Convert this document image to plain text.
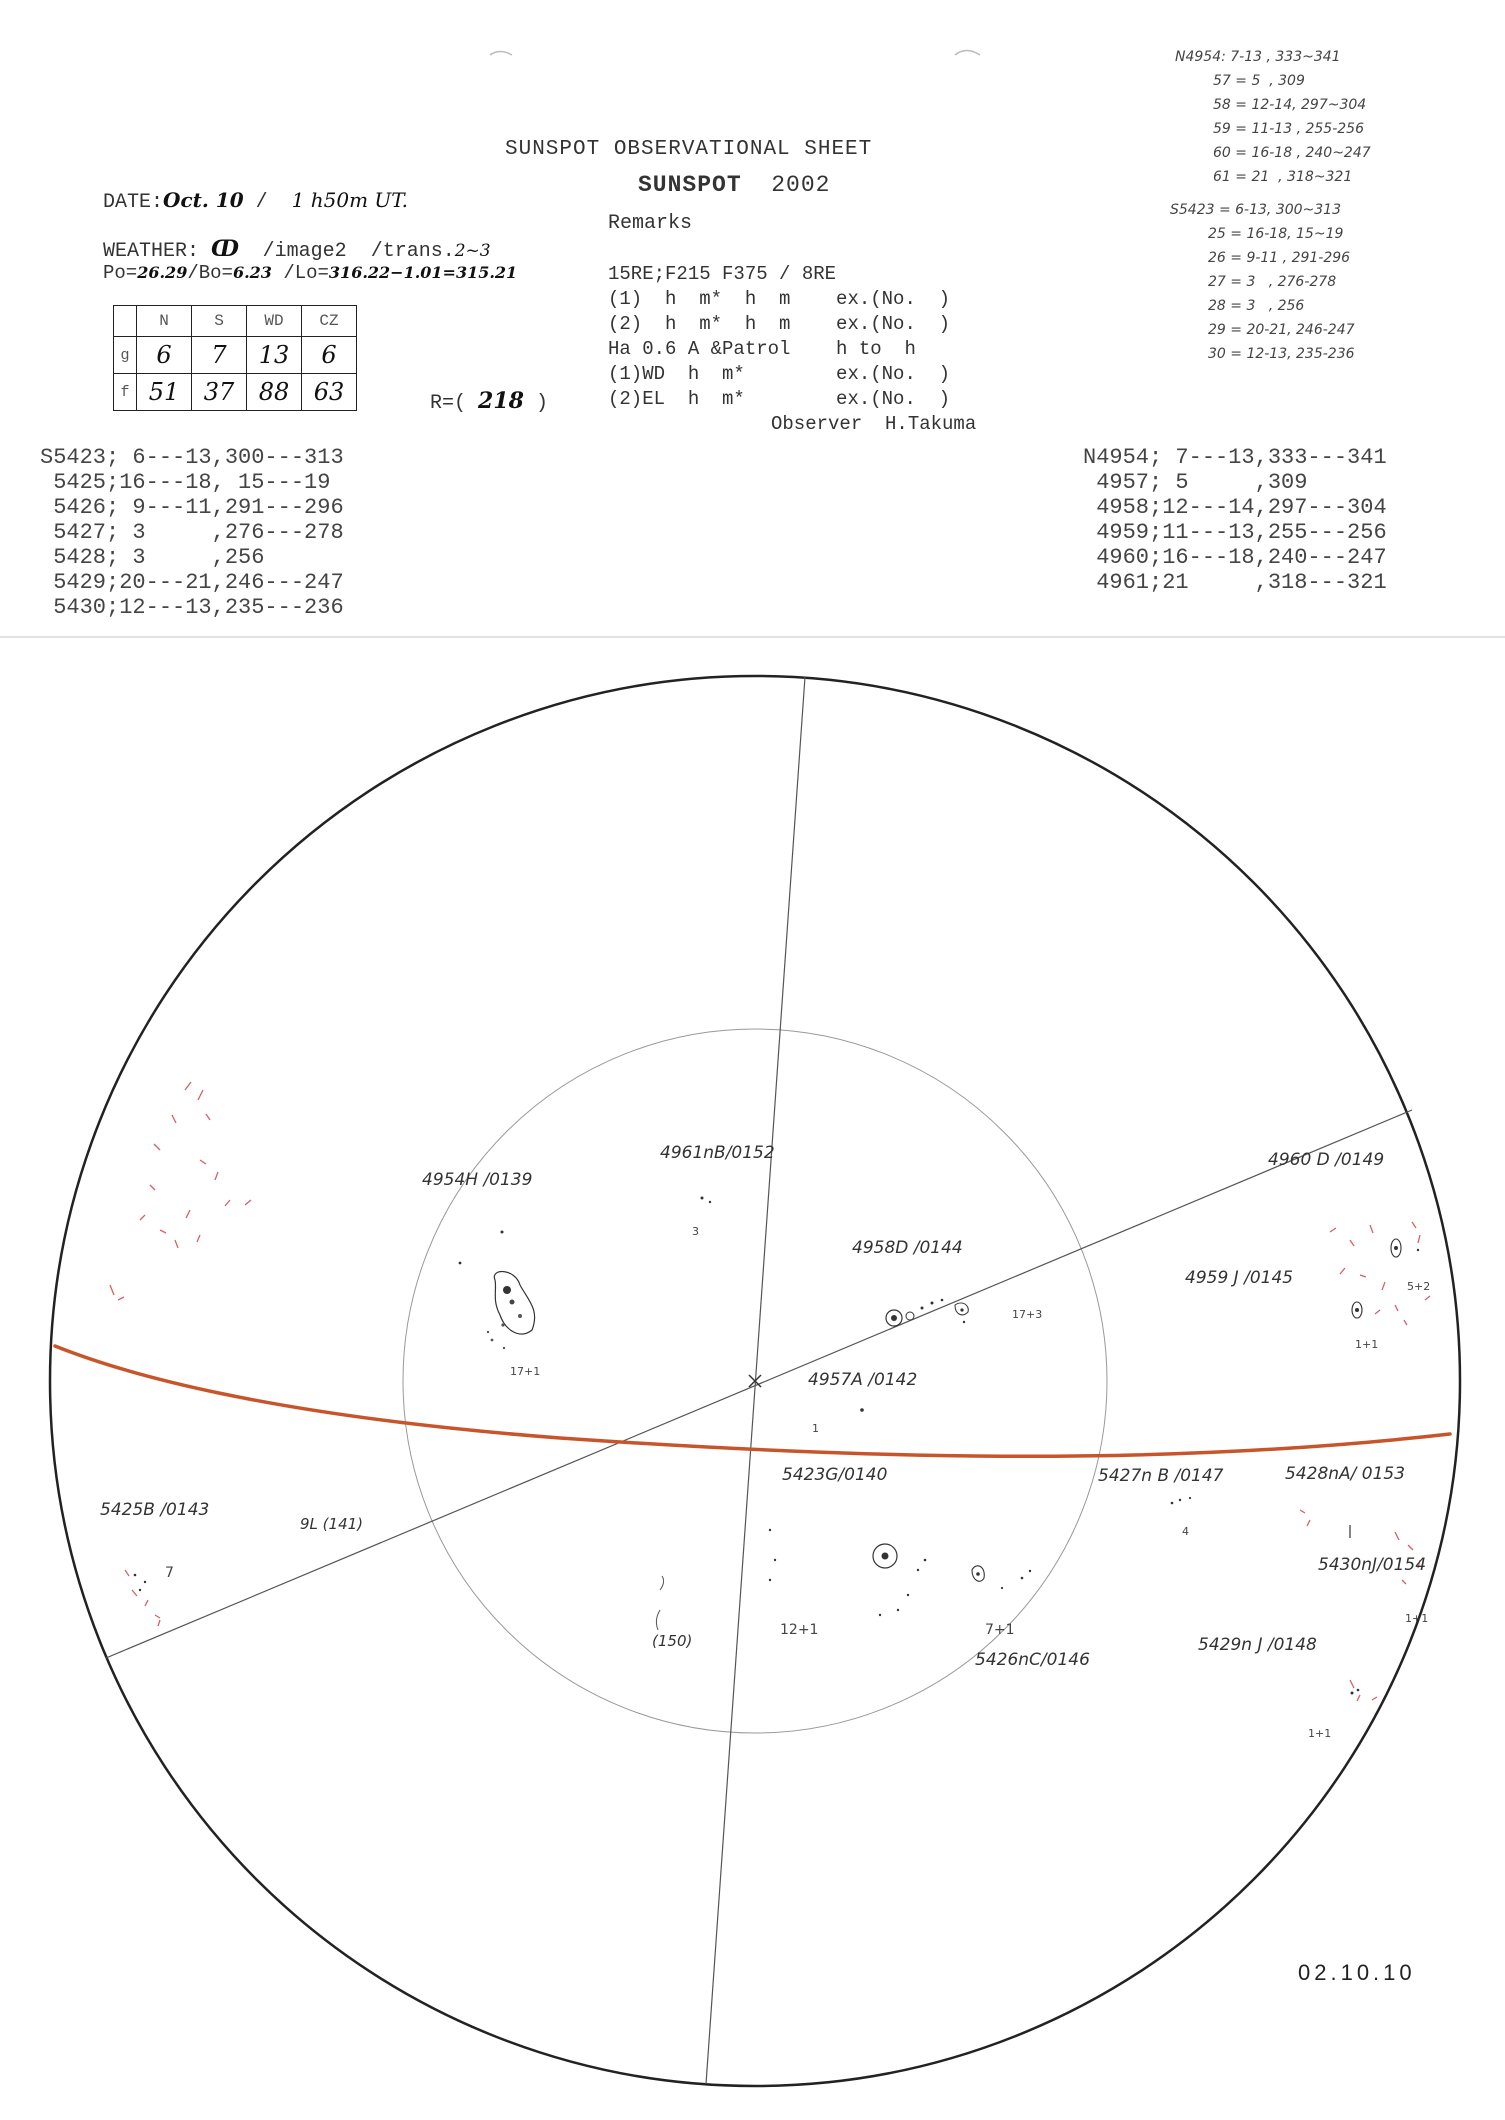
SUNSPOT OBSERVATIONAL SHEET
SUNSPOT 2002
DATE:Oct. 10 / 1 h50m UT.
Remarks
WEATHER: ↀ /image2 /trans.2~3
Po=26.29/Bo=6.23 /Lo=316.22−1.01=315.21
	N	S	WD	CZ
g	6	7	13	6
f	51	37	88	63	R=( 218 )
15RE;F215 F375 / 8RE
(1)  h  m*  h  m    ex.(No.  )
(2)  h  m*  h  m    ex.(No.  )
Ha 0.6 A &Patrol    h to  h
(1)WD  h  m*        ex.(No.  )
(2)EL  h  m*        ex.(No.  )
Observer  H.Takuma
S5423; 6---13,300---313
5425;16---18, 15---19
5426; 9---11,291---296
5427; 3     ,276---278
5428; 3     ,256
5429;20---21,246---247
5430;12---13,235---236
N4954; 7---13,333---341
4957; 5     ,309
4958;12---14,297---304
4959;11---13,255---256
4960;16---18,240---247
4961;21     ,318---321
N4954: 7-13 , 333~341
57 = 5  , 309
58 = 12-14, 297~304
59 = 11-13 , 255-256
60 = 16-18 , 240~247
61 = 21  , 318~321
S5423 = 6-13, 300~313
25 = 16-18, 15~19
26 = 9-11 , 291-296
27 = 3   , 276-278
28 = 3   , 256
29 = 20-21, 246-247
30 = 12-13, 235-236
4954H /0139
17+1
4961nB/0152
3
4958D /0144
17+3
4960 D /0149
4959 J /0145	5+2
1+1
4957A /0142
1
5423G/0140	5427n B /0147
4
5428nA/ 0153
5425B /0143
7
9L (141)
(150)
12+1	7+1
5426nC/0146
5429n J /0148
1+1
5430nJ/0154
1+1
02.10.10
